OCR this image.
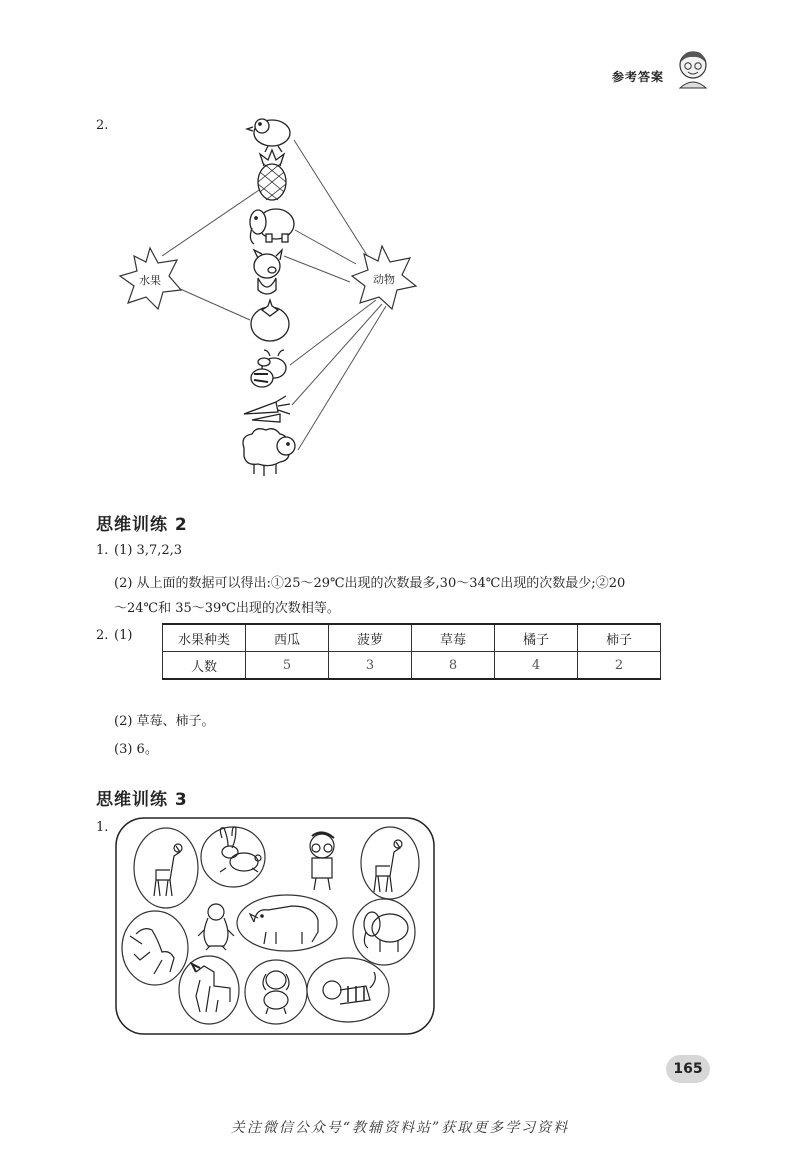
参考答案
2.
水果	动物
思维训练 2
1. (1) 3,7,2,3
(2) 从上面的数据可以得出:①25～29℃出现的次数最多,30～34℃出现的次数最少;②20
～24℃和 35～39℃出现的次数相等。
2. (1)	水果种类	西瓜	菠萝	草莓	橘子	柿子
人数	5	3	8	4	2
(2) 草莓、柿子。
(3) 6。
思维训练 3
1.
165
关注微信公众号“教辅资料站”获取更多学习资料
